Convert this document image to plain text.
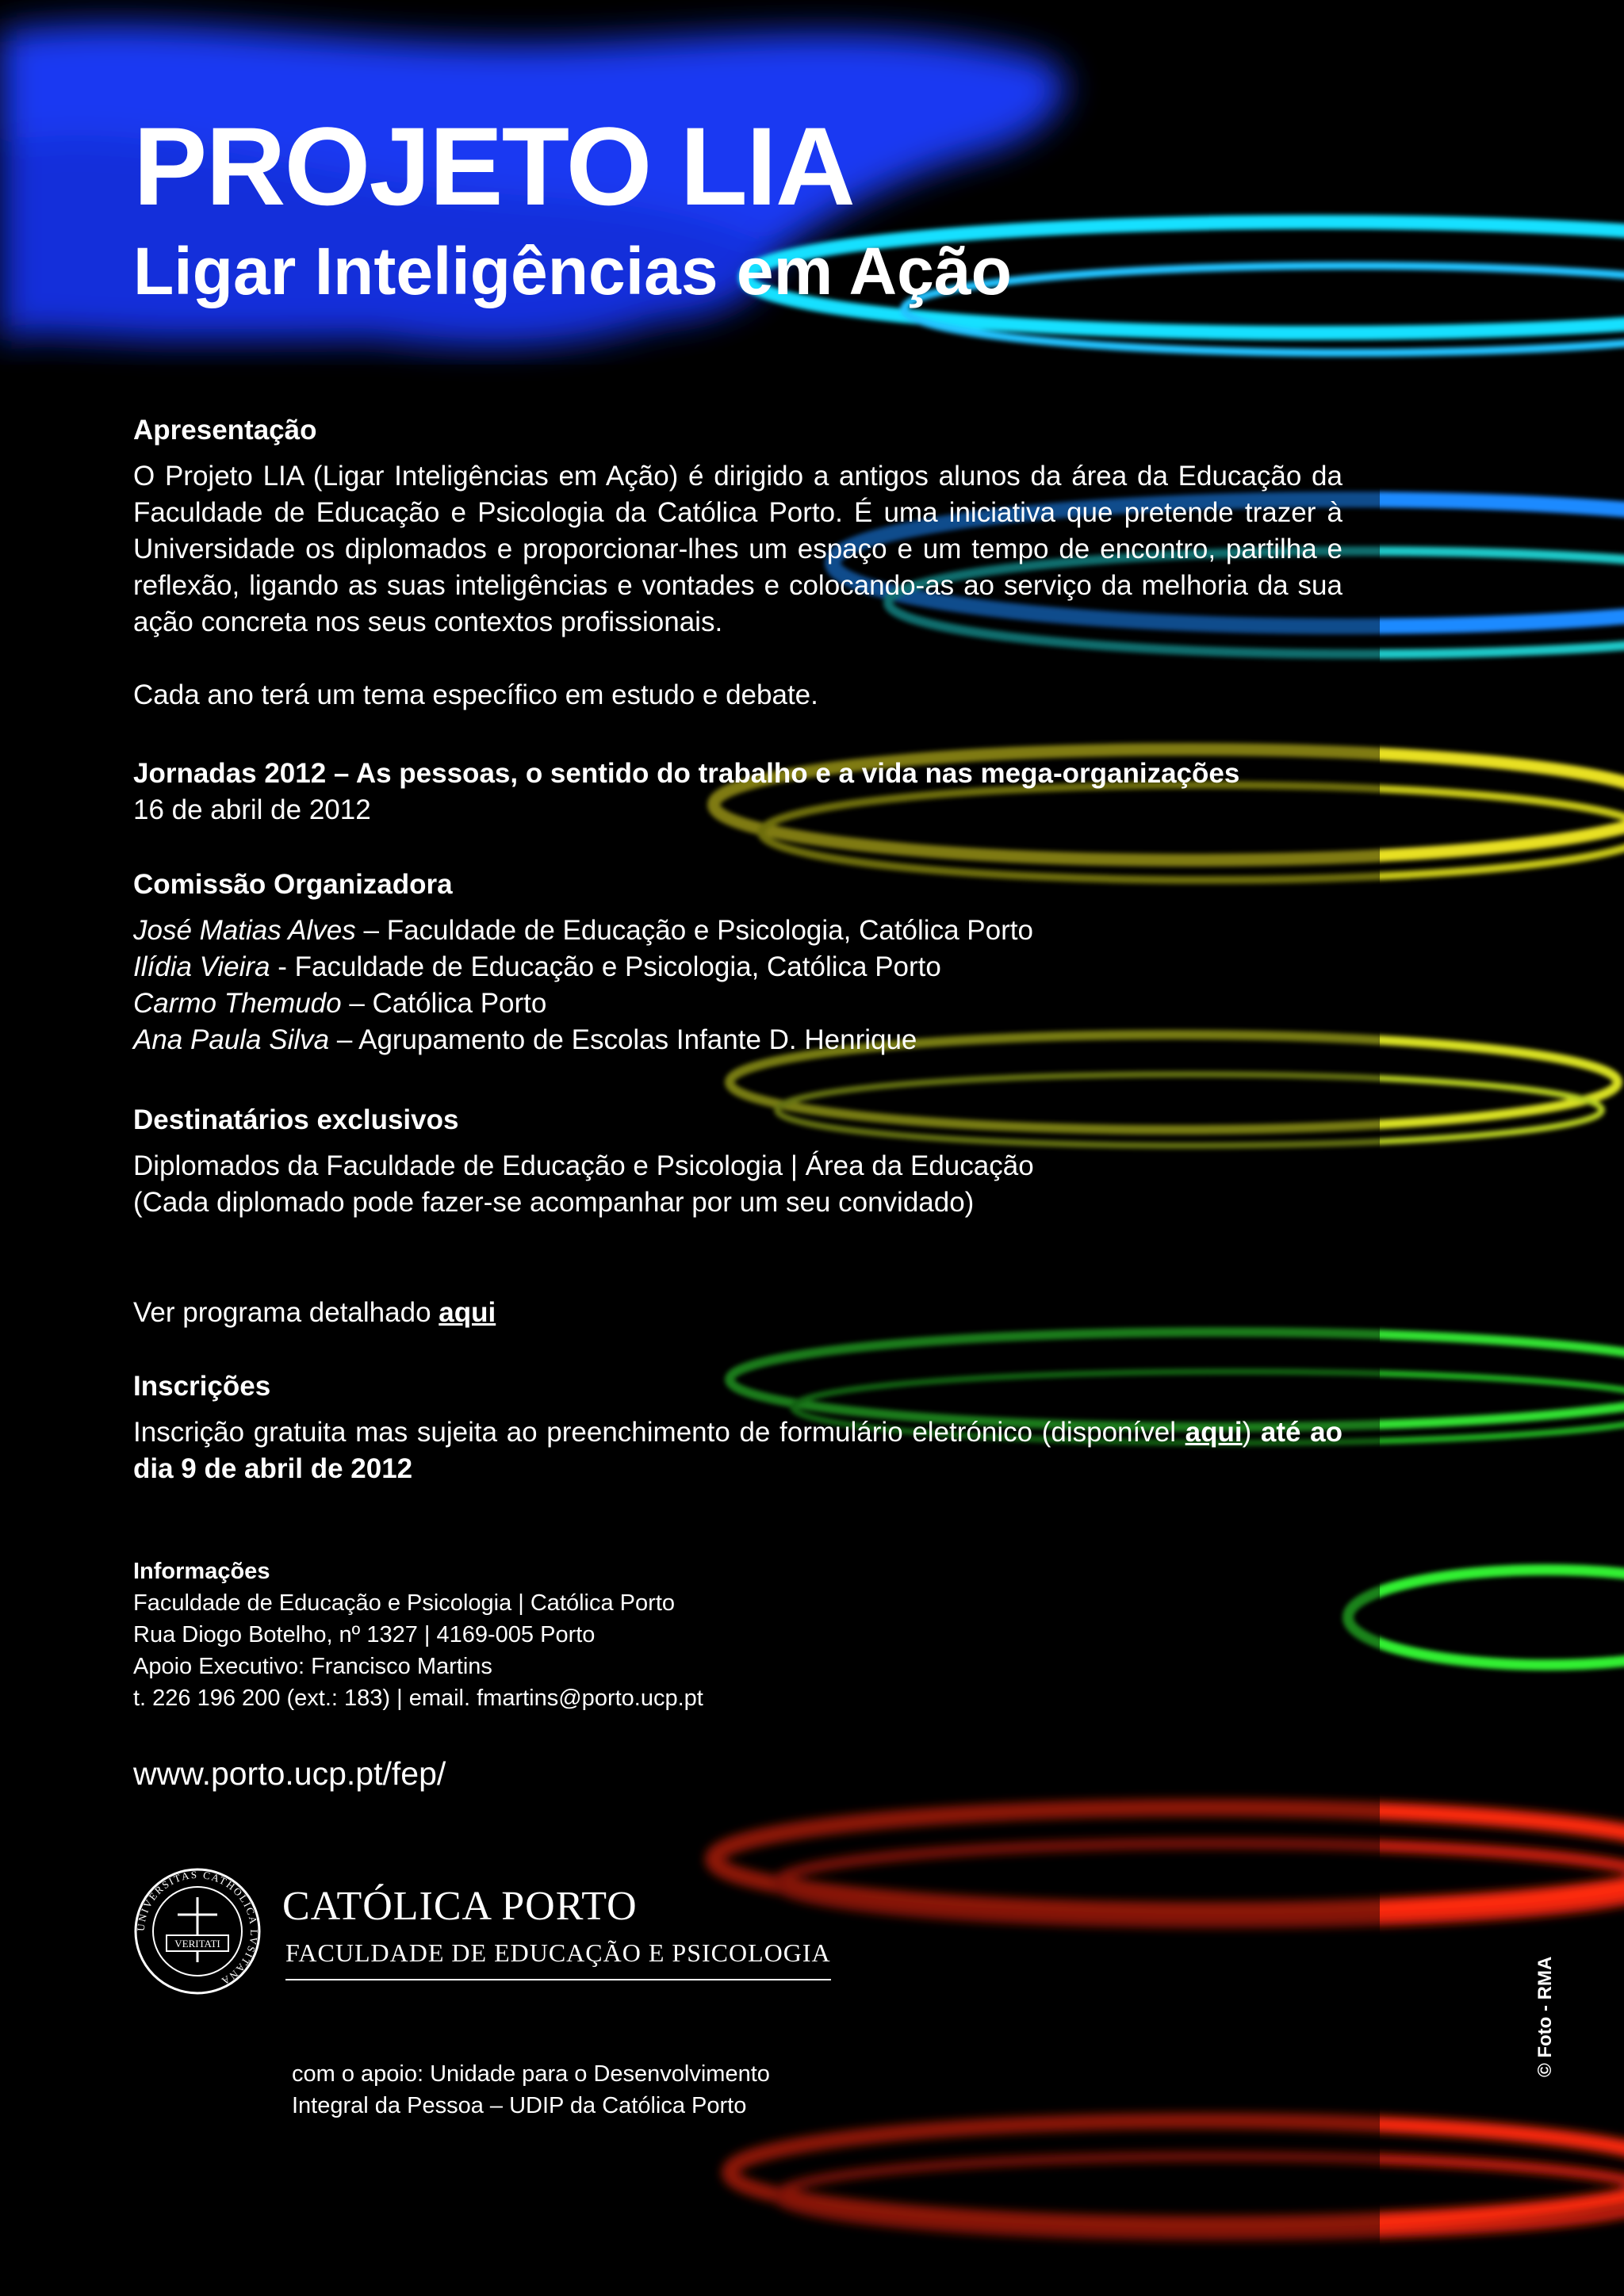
PROJETO LIA
Ligar Inteligências em Ação

Apresentação

O Projeto LIA (Ligar Inteligências em Ação) é dirigido a antigos alunos da área da Educação da Faculdade de Educação e Psicologia da Católica Porto. É uma iniciativa que pretende trazer à Universidade os diplomados e proporcionar-lhes um espaço e um tempo de encontro, partilha e reflexão, ligando as suas inteligências e vontades e colocando-as ao serviço da melhoria da sua ação concreta nos seus contextos profissionais.

Cada ano terá um tema específico em estudo e debate.

Jornadas 2012 – As pessoas, o sentido do trabalho e a vida nas mega-organizações

16 de abril de 2012

Comissão Organizadora

José Matias Alves – Faculdade de Educação e Psicologia, Católica Porto

Ilídia Vieira - Faculdade de Educação e Psicologia, Católica Porto

Carmo Themudo – Católica Porto

Ana Paula Silva – Agrupamento de Escolas Infante D. Henrique

Destinatários exclusivos

Diplomados da Faculdade de Educação e Psicologia | Área da Educação

(Cada diplomado pode fazer-se acompanhar por um seu convidado)

Ver programa detalhado aqui

Inscrições

Inscrição gratuita mas sujeita ao preenchimento de formulário eletrónico (disponível aqui) até ao dia 9 de abril de 2012

Informações

Faculdade de Educação e Psicologia | Católica Porto

Rua Diogo Botelho, nº 1327 | 4169-005 Porto

Apoio Executivo: Francisco Martins

t. 226 196 200 (ext.: 183) | email. fmartins@porto.ucp.pt

www.porto.ucp.pt/fep/

UNIVERSITAS CATHOLICA LVSITANA
VERITATI
CATÓLICA PORTO
FACULDADE DE EDUCAÇÃO E PSICOLOGIA

com o apoio: Unidade para o Desenvolvimento

Integral da Pessoa – UDIP da Católica Porto

© Foto - RMA
